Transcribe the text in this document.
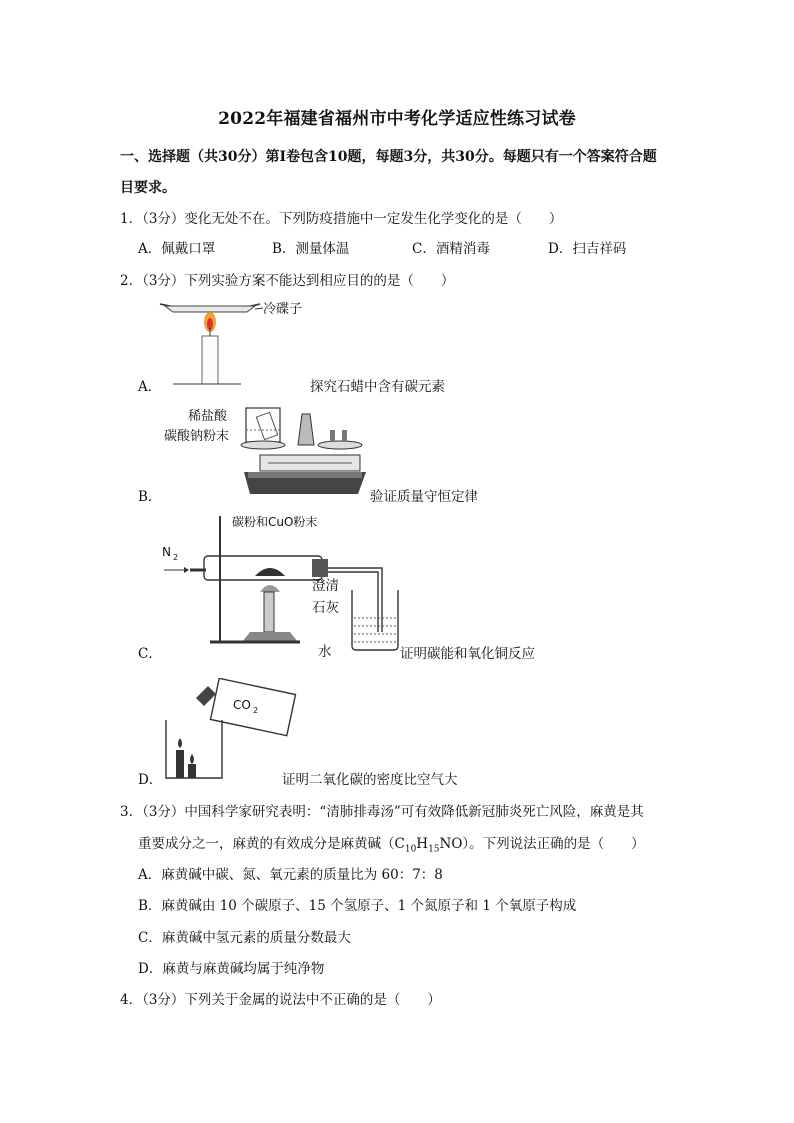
2022年福建省福州市中考化学适应性练习试卷
一、选择题（共30分）第I卷包含10题，每题3分，共30分。每题只有一个答案符合题
目要求。
1．（3分）变化无处不在。下列防疫措施中一定发生化学变化的是（　　）
A．佩戴口罩	B．测量体温	C．酒精消毒	D．扫吉祥码
2．（3分）下列实验方案不能达到相应目的的是（　　）
冷碟子
A．	探究石蜡中含有碳元素
稀盐酸
碳酸钠粉末
B．	验证质量守恒定律
N 2
碳粉和CuO粉末
澄清
石灰
水
C．	证明碳能和氧化铜反应
CO 2
D．	证明二氧化碳的密度比空气大
3．（3分）中国科学家研究表明：“清肺排毒汤”可有效降低新冠肺炎死亡风险，麻黄是其
重要成分之一，麻黄的有效成分是麻黄碱$(C_{10}H_{15}NO)$。下列说法正确的是（　　）
A．麻黄碱中碳、氮、氧元素的质量比为 60：7：8
B．麻黄碱由 10 个碳原子、15 个氢原子、1 个氮原子和 1 个氧原子构成
C．麻黄碱中氢元素的质量分数最大
D．麻黄与麻黄碱均属于纯净物
4．（3分）下列关于金属的说法中不正确的是（　　）
